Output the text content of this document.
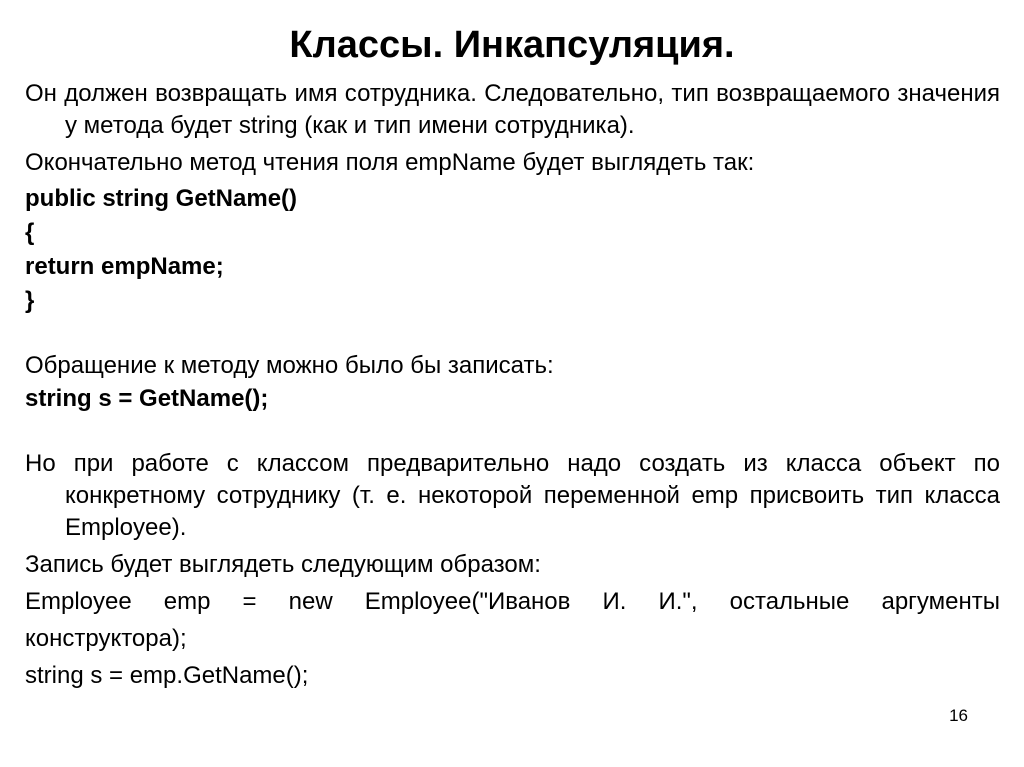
Классы. Инкапсуляция.

Он должен возвращать имя сотрудника. Следовательно, тип возвращаемого значения у метода будет string (как и тип имени сотрудника).

Окончательно метод чтения поля empName будет выглядеть так:

public string GetName()

{

return empName;

}

Обращение к методу можно было бы записать:

string s = GetName();

Но при работе с классом предварительно надо создать из класса объект по конкретному сотруднику (т. е. некоторой переменной emp присвоить тип класса Employee).

Запись будет выглядеть следующим образом:

Employee emp = new Employee("Иванов И. И.", остальные аргументы

конструктора);

string s = emp.GetName();

16
